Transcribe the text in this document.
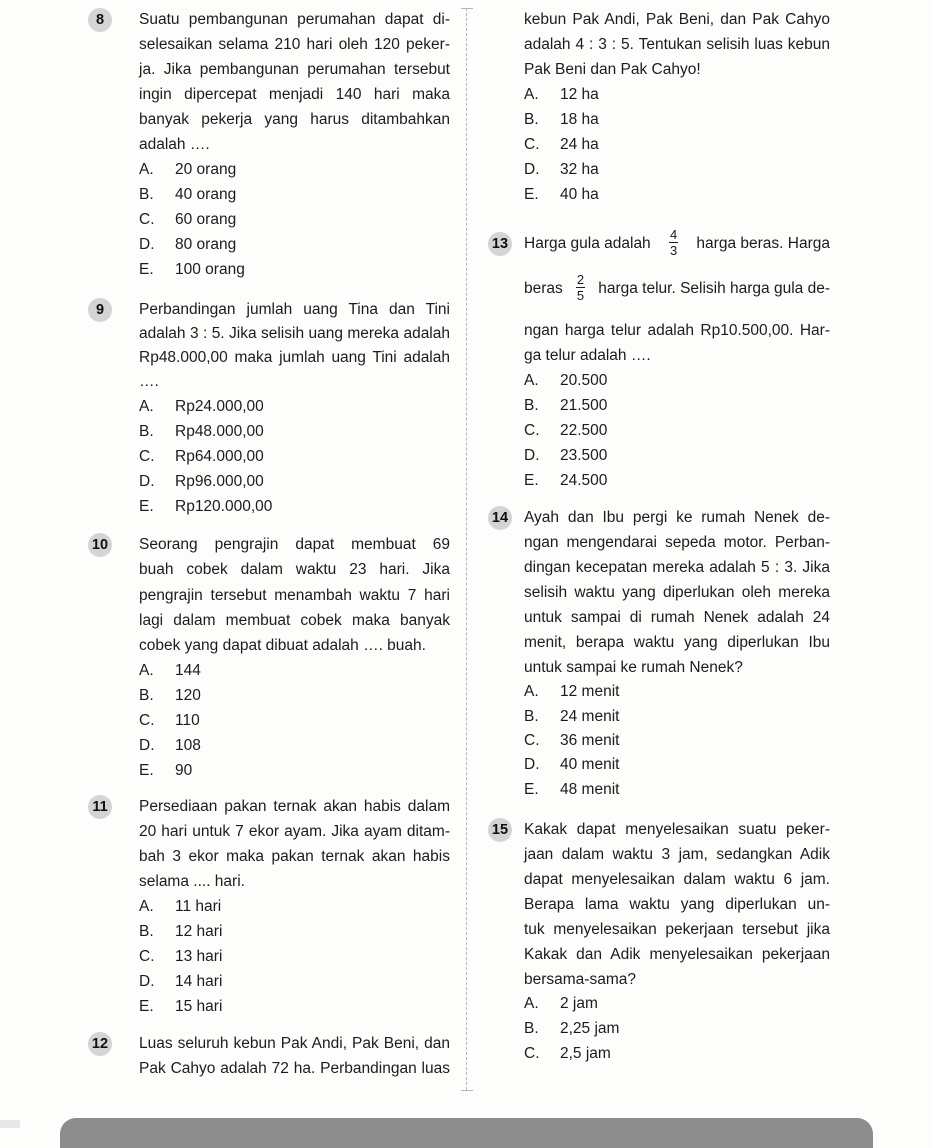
8	Suatu pembangunan perumahan dapat di-
selesaikan selama 210 hari oleh 120 peker-
ja. Jika pembangunan perumahan tersebut
ingin dipercepat menjadi 140 hari maka
banyak pekerja yang harus ditambahkan
adalah ….
A. 20 orang
B. 40 orang
C. 60 orang
D. 80 orang
E. 100 orang
9	Perbandingan jumlah uang Tina dan Tini
adalah 3 : 5. Jika selisih uang mereka adalah
Rp48.000,00 maka jumlah uang Tini adalah
….
A. Rp24.000,00
B. Rp48.000,00
C. Rp64.000,00
D. Rp96.000,00
E. Rp120.000,00
10 Seorang pengrajin dapat membuat 69
buah cobek dalam waktu 23 hari. Jika
pengrajin tersebut menambah waktu 7 hari
lagi dalam membuat cobek maka banyak
cobek yang dapat dibuat adalah …. buah.
A. 144
B. 120
C. 110
D. 108
E. 90
11 Persediaan pakan ternak akan habis dalam
20 hari untuk 7 ekor ayam. Jika ayam ditam-
bah 3 ekor maka pakan ternak akan habis
selama .... hari.
A. 11 hari
B. 12 hari
C. 13 hari
D. 14 hari
E. 15 hari
12 Luas seluruh kebun Pak Andi, Pak Beni, dan
Pak Cahyo adalah 72 ha. Perbandingan luas
kebun Pak Andi, Pak Beni, dan Pak Cahyo
adalah 4 : 3 : 5. Tentukan selisih luas kebun
Pak Beni dan Pak Cahyo!
A. 12 ha
B. 18 ha
C. 24 ha
D. 32 ha
E. 40 ha
13 Harga gula adalah $\frac{4}{3}$ harga beras. Harga
beras $\frac{2}{5}$ harga telur. Selisih harga gula de-
ngan harga telur adalah Rp10.500,00. Har-
ga telur adalah ….
A. 20.500
B. 21.500
C. 22.500
D. 23.500
E. 24.500
14 Ayah dan Ibu pergi ke rumah Nenek de-
ngan mengendarai sepeda motor. Perban-
dingan kecepatan mereka adalah 5 : 3. Jika
selisih waktu yang diperlukan oleh mereka
untuk sampai di rumah Nenek adalah 24
menit, berapa waktu yang diperlukan Ibu
untuk sampai ke rumah Nenek?
A. 12 menit
B. 24 menit
C. 36 menit
D. 40 menit
E. 48 menit
15 Kakak dapat menyelesaikan suatu peker-
jaan dalam waktu 3 jam, sedangkan Adik
dapat menyelesaikan dalam waktu 6 jam.
Berapa lama waktu yang diperlukan un-
tuk menyelesaikan pekerjaan tersebut jika
Kakak dan Adik menyelesaikan pekerjaan
bersama-sama?
A. 2 jam
B. 2,25 jam
C. 2,5 jam
